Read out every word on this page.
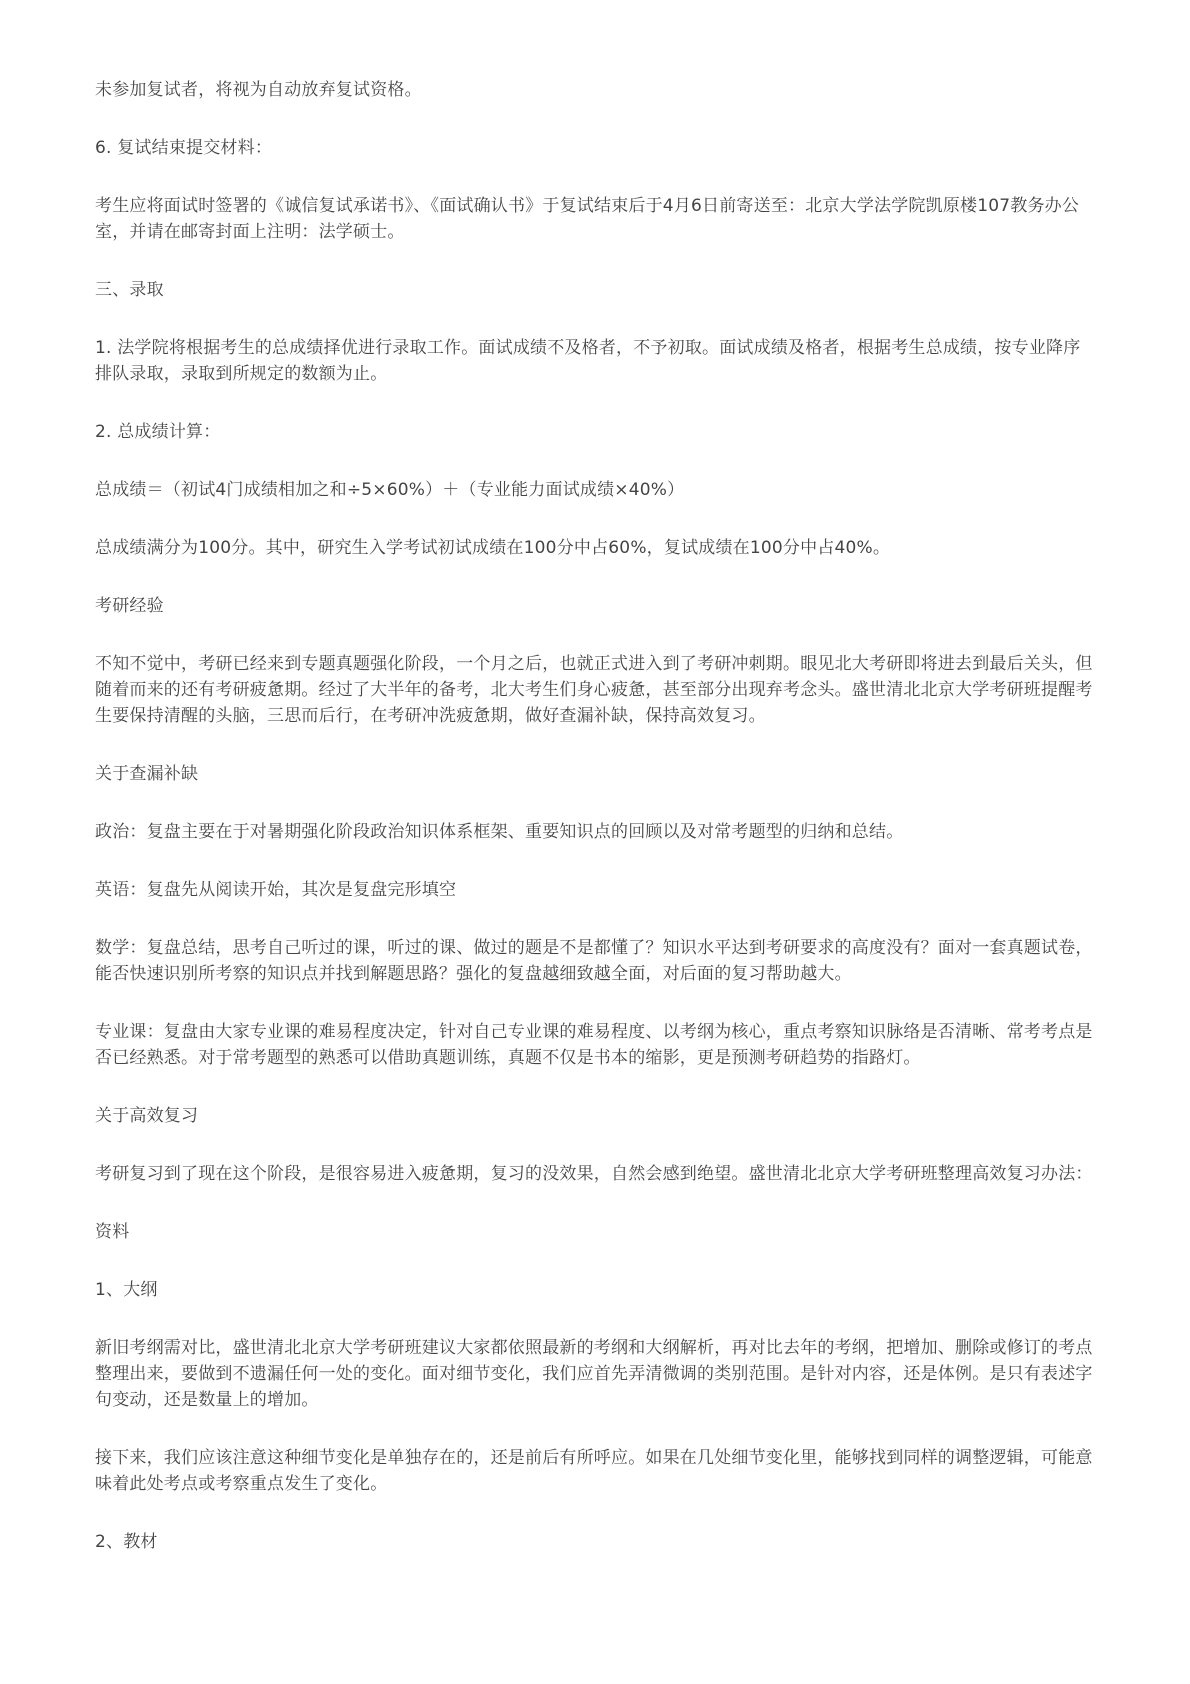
未参加复试者，将视为自动放弃复试资格。

6. 复试结束提交材料：

考生应将面试时签署的《诚信复试承诺书》、《面试确认书》于复试结束后于4月6日前寄送至：北京大学法学院凯原楼107教务办公室，并请在邮寄封面上注明：法学硕士。

三、录取

1. 法学院将根据考生的总成绩择优进行录取工作。面试成绩不及格者，不予初取。面试成绩及格者，根据考生总成绩，按专业降序排队录取，录取到所规定的数额为止。

2. 总成绩计算：

总成绩＝（初试4门成绩相加之和÷5×60%）＋（专业能力面试成绩×40%）

总成绩满分为100分。其中，研究生入学考试初试成绩在100分中占60%，复试成绩在100分中占40%。

考研经验

不知不觉中，考研已经来到专题真题强化阶段，一个月之后，也就正式进入到了考研冲刺期。眼见北大考研即将进去到最后关头，但随着而来的还有考研疲惫期。经过了大半年的备考，北大考生们身心疲惫，甚至部分出现弃考念头。盛世清北北京大学考研班提醒考生要保持清醒的头脑，三思而后行，在考研冲洗疲惫期，做好查漏补缺，保持高效复习。

关于查漏补缺

政治：复盘主要在于对暑期强化阶段政治知识体系框架、重要知识点的回顾以及对常考题型的归纳和总结。

英语：复盘先从阅读开始，其次是复盘完形填空

数学：复盘总结，思考自己听过的课，听过的课、做过的题是不是都懂了？知识水平达到考研要求的高度没有？面对一套真题试卷，能否快速识别所考察的知识点并找到解题思路？强化的复盘越细致越全面，对后面的复习帮助越大。

专业课：复盘由大家专业课的难易程度决定，针对自己专业课的难易程度、以考纲为核心，重点考察知识脉络是否清晰、常考考点是否已经熟悉。对于常考题型的熟悉可以借助真题训练，真题不仅是书本的缩影，更是预测考研趋势的指路灯。

关于高效复习

考研复习到了现在这个阶段，是很容易进入疲惫期，复习的没效果，自然会感到绝望。盛世清北北京大学考研班整理高效复习办法：

资料

1、大纲

新旧考纲需对比，盛世清北北京大学考研班建议大家都依照最新的考纲和大纲解析，再对比去年的考纲，把增加、删除或修订的考点整理出来，要做到不遗漏任何一处的变化。面对细节变化，我们应首先弄清微调的类别范围。是针对内容，还是体例。是只有表述字句变动，还是数量上的增加。

接下来，我们应该注意这种细节变化是单独存在的，还是前后有所呼应。如果在几处细节变化里，能够找到同样的调整逻辑，可能意味着此处考点或考察重点发生了变化。

2、教材
